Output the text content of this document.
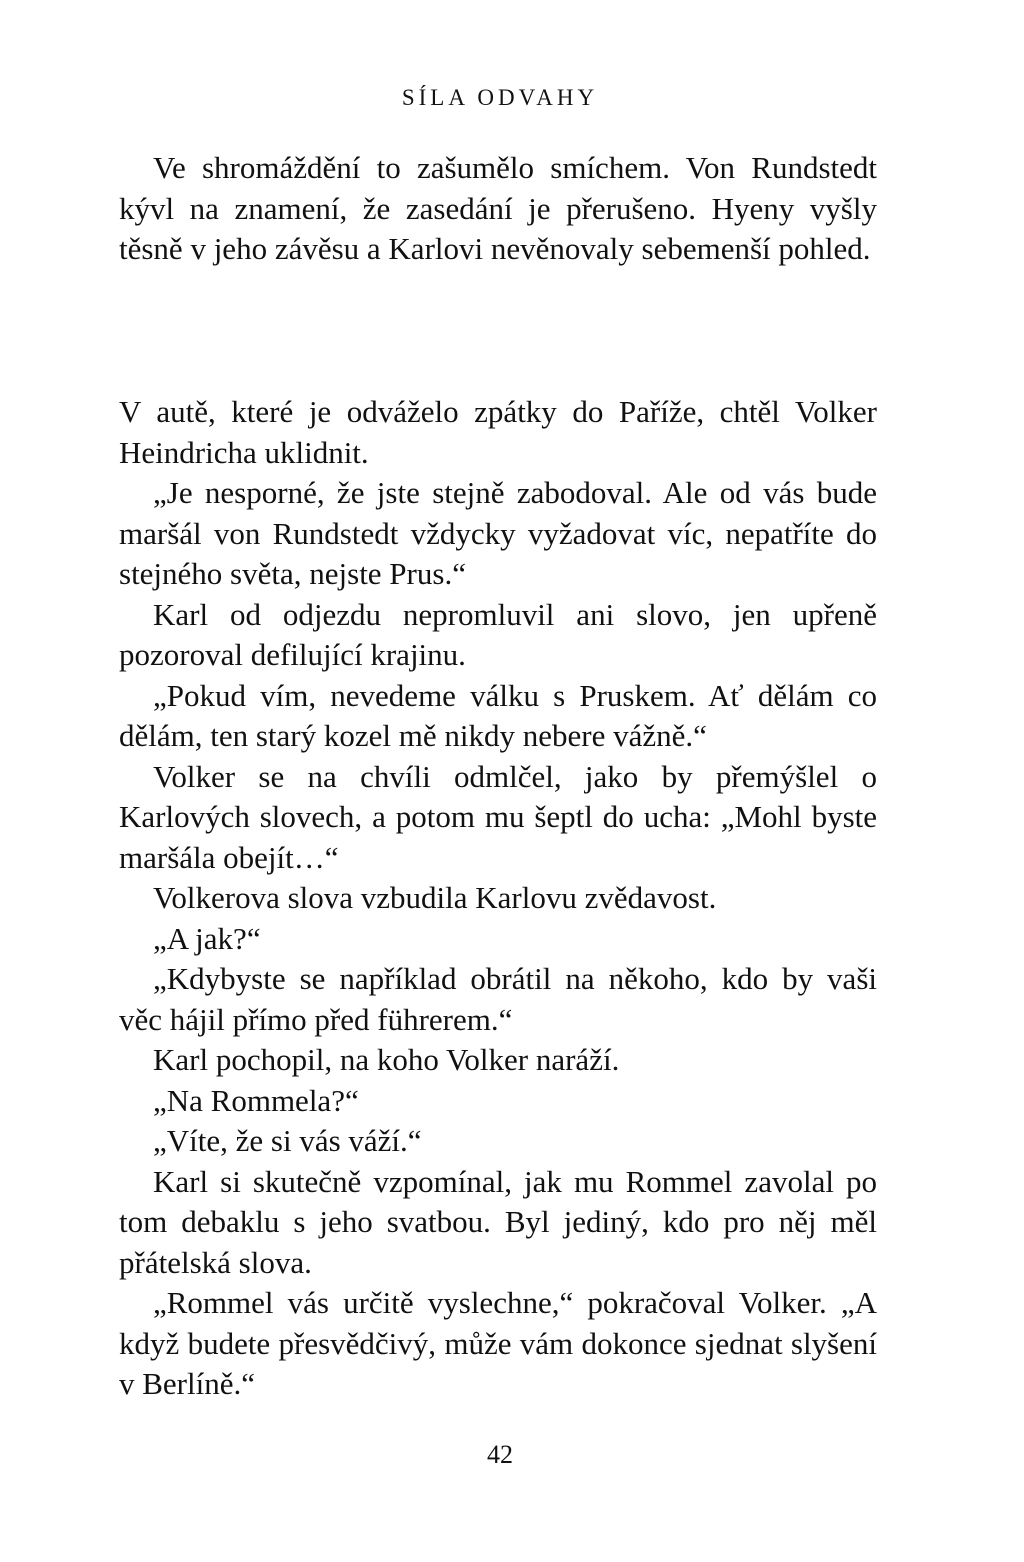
SÍLA ODVAHY

Ve shromáždění to zašumělo smíchem. Von Rundstedt kývl na znamení, že zasedání je přerušeno. Hyeny vyšly těsně v jeho závěsu a Karlovi nevěnovaly sebemenší pohled.

V autě, které je odváželo zpátky do Paříže, chtěl Volker Heindricha uklidnit.

„Je nesporné, že jste stejně zabodoval. Ale od vás bude maršál von Rundstedt vždycky vyžadovat víc, nepatříte do stejného světa, nejste Prus.“

Karl od odjezdu nepromluvil ani slovo, jen upřeně pozoroval defilující krajinu.

„Pokud vím, nevedeme válku s Pruskem. Ať dělám co dělám, ten starý kozel mě nikdy nebere vážně.“

Volker se na chvíli odmlčel, jako by přemýšlel o Karlových slovech, a potom mu šeptl do ucha: „Mohl byste maršála obejít…“

Volkerova slova vzbudila Karlovu zvědavost.

„A jak?“

„Kdybyste se například obrátil na někoho, kdo by vaši věc hájil přímo před führerem.“

Karl pochopil, na koho Volker naráží.

„Na Rommela?“

„Víte, že si vás váží.“

Karl si skutečně vzpomínal, jak mu Rommel zavolal po tom debaklu s jeho svatbou. Byl jediný, kdo pro něj měl přátelská slova.

„Rommel vás určitě vyslechne,“ pokračoval Volker. „A když budete přesvědčivý, může vám dokonce sjednat slyšení v Berlíně.“

42
